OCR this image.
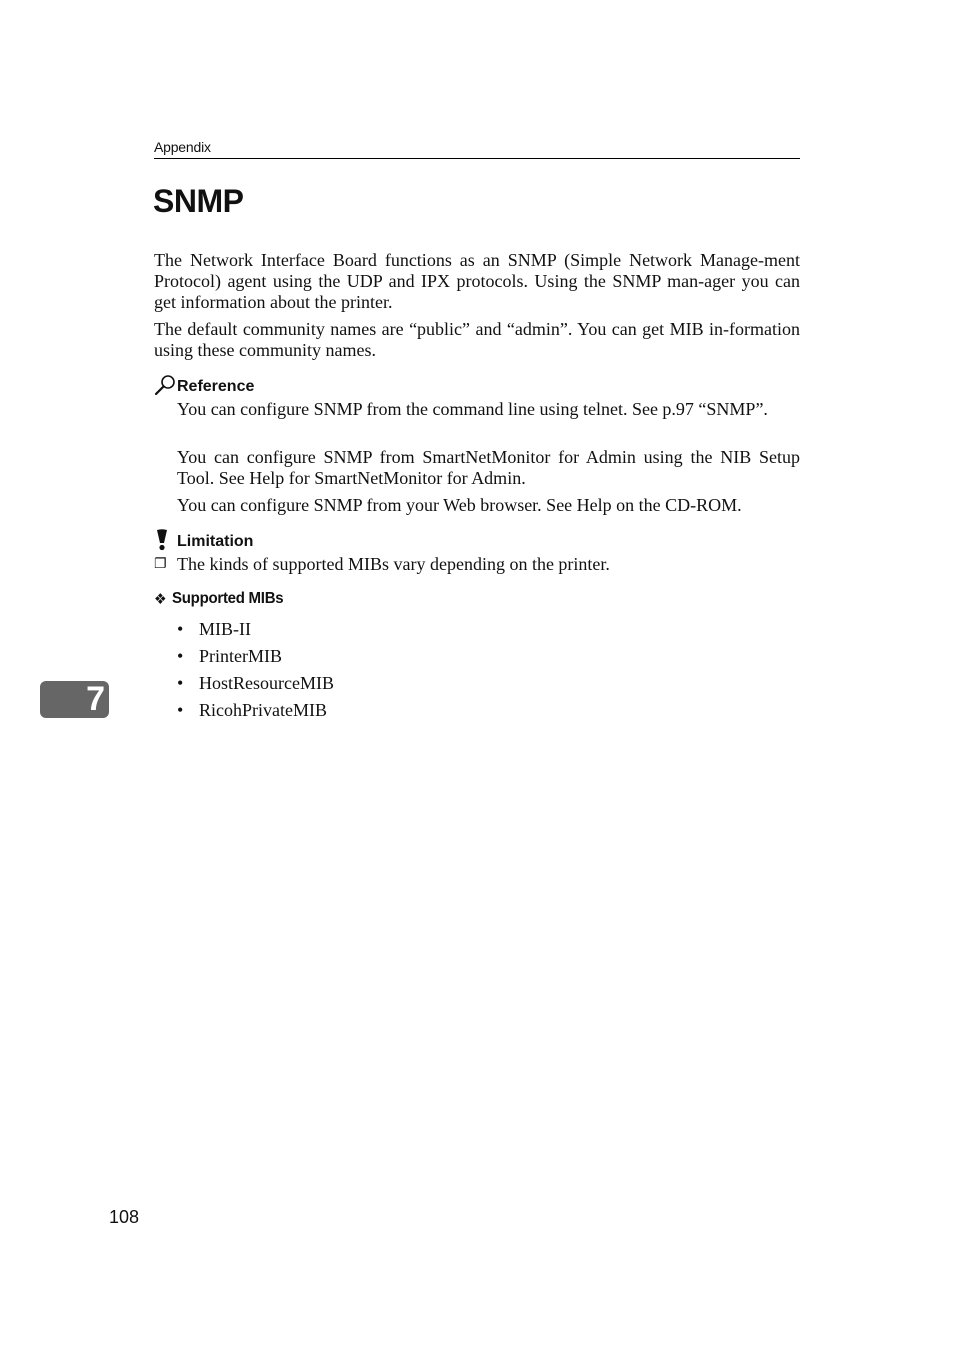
Appendix
SNMP

The Network Interface Board functions as an SNMP (Simple Network Manage-ment Protocol) agent using the UDP and IPX protocols. Using the SNMP man-ager you can get information about the printer.

The default community names are “public” and “admin”. You can get MIB in-formation using these community names.

Reference

You can configure SNMP from the command line using telnet. See p.97 “SNMP”.

You can configure SNMP from SmartNetMonitor for Admin using the NIB Setup Tool. See Help for SmartNetMonitor for Admin.

You can configure SNMP from your Web browser. See Help on the CD-ROM.

Limitation
❐ The kinds of supported MIBs vary depending on the printer.
❖ Supported MIBs
• MIB-II
• PrinterMIB
• HostResourceMIB
• RicohPrivateMIB
7
108
